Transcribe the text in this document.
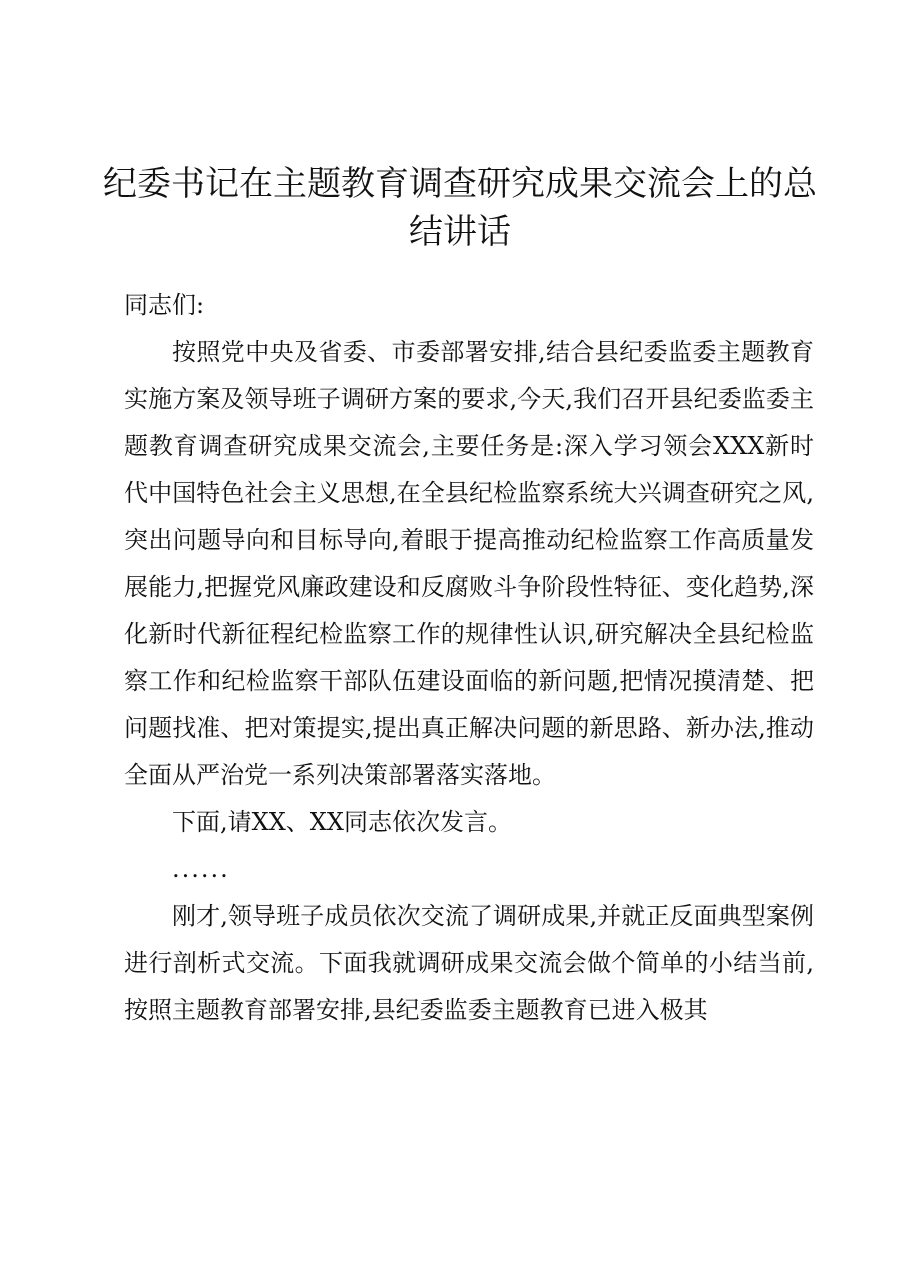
纪委书记在主题教育调查研究成果交流会上的总结讲话

同志们:

按照党中央及省委、市委部署安排,结合县纪委监委主题教育实施方案及领导班子调研方案的要求,今天,我们召开县纪委监委主题教育调查研究成果交流会,主要任务是:深入学习领会XXX新时代中国特色社会主义思想,在全县纪检监察系统大兴调查研究之风,突出问题导向和目标导向,着眼于提高推动纪检监察工作高质量发展能力,把握党风廉政建设和反腐败斗争阶段性特征、变化趋势,深化新时代新征程纪检监察工作的规律性认识,研究解决全县纪检监察工作和纪检监察干部队伍建设面临的新问题,把情况摸清楚、把问题找准、把对策提实,提出真正解决问题的新思路、新办法,推动全面从严治党一系列决策部署落实落地。

下面,请XX、XX同志依次发言。

......

刚才,领导班子成员依次交流了调研成果,并就正反面典型案例进行剖析式交流。下面我就调研成果交流会做个简单的小结当前,按照主题教育部署安排,县纪委监委主题教育已进入极其
